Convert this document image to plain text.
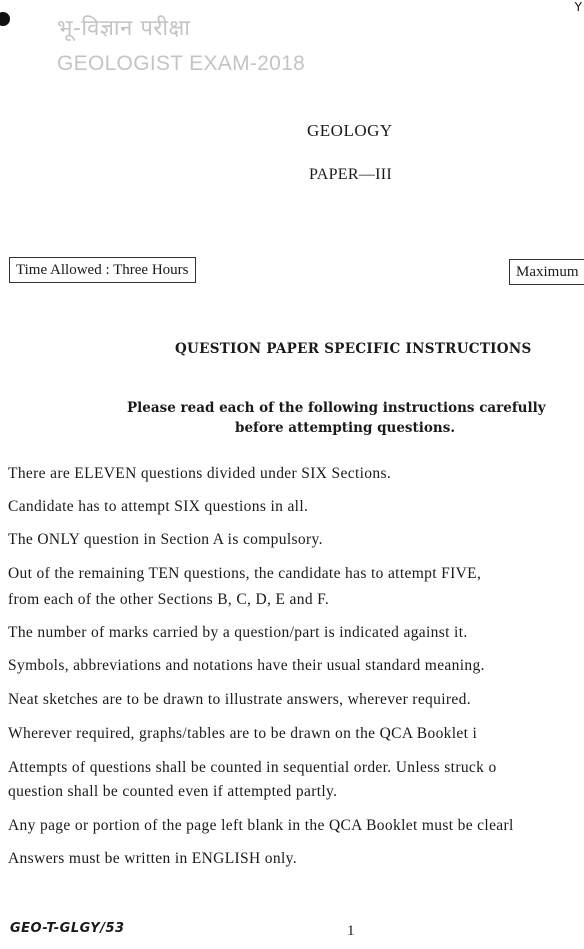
Y
भू-विज्ञान परीक्षा
GEOLOGIST EXAM-2018
GEOLOGY
PAPER—III
Time Allowed : Three Hours	Maximum
QUESTION PAPER SPECIFIC INSTRUCTIONS
Please read each of the following instructions carefully
before attempting questions.
There are ELEVEN questions divided under SIX Sections.
Candidate has to attempt SIX questions in all.
The ONLY question in Section A is compulsory.
Out of the remaining TEN questions, the candidate has to attempt FIVE,
from each of the other Sections B, C, D, E and F.
The number of marks carried by a question/part is indicated against it.
Symbols, abbreviations and notations have their usual standard meaning.
Neat sketches are to be drawn to illustrate answers, wherever required.
Wherever required, graphs/tables are to be drawn on the QCA Booklet i
Attempts of questions shall be counted in sequential order. Unless struck o
question shall be counted even if attempted partly.
Any page or portion of the page left blank in the QCA Booklet must be clearl
Answers must be written in ENGLISH only.
GEO-T-GLGY/53	1
